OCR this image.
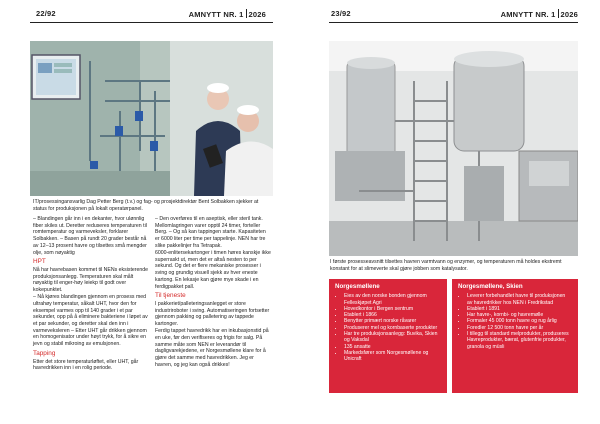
22/92	AMNYTT NR. 1 2026
IT/prosessingansvarlig Dag Petter Berg (t.v.) og fag- og prosjektdirektør Bent Solbakken sjekker at status for produksjonen på lokalt operatørpanel.

– Blandingen går inn i en dekanter, hvor ulønnlig fiber skiles ut. Deretter reduseres temperaturen til romtemperatur og varmeveksler, forklarer Solbakken. – Basen på rundt 20 grader består nå av 12–13 prosent havre og tilsettes små mengder olje, som nøyaktig

HPT

Nå har havrebasen kommet til NENs eksisterende produksjonsanlegg. Temperaturen skal målt nøyaktig til enger-høy leiekp til godt over kokepunktet.

– Nå kjøres blandingen gjennom en prosess med ultrahøy temperatur, såkalt UHT, hvor den for eksempel varmes opp til 140 grader i et par sekunder, opp på å eliminere bakteriene i løpet av et par sekunder, og deretter skal den inn i varmeveksleren – Etter UHT går drikken gjennom en homogenisator under høyt trykk, for å sikre en jevn og stabil mikroing av emulsjonen.

Tapping

Etter det store temperaturløftet, eller UHT, går havredrikken inn i en rolig periode.

– Den overføres til en aseptisk, eller steril tank. Mellomlagringen varer opptil 24 timer, forteller Berg. – Og så kan tappingen starte. Kapasiteten er 6000 liter per time per tappelinje. NEN har tre slike pakkelinjer fra Tetrapak.

6000-enlitersekartonger i timen høres kanskje ikke superraskt ut, men det er altså nesten to per sekund. Og det er flere mekaniske prosesser i sving og grundig visuell sjekk av hver eneste kartong. En lekasje kan gjøre mye skade i en ferdigpakket pall.

Til tjeneste

I pakkeriet/palleteringsanlegget er store industriroboter i sving. Automatiseringen fortsetter gjennom pakking og palletering av tappede kartonger.

Ferdig tappet havredrikk har en inkubasjonstid på en uke, før den verifiseres og frigis for salg. På samme måte som NEN er leverandør til dagligvarekjedene, er Norgesmøllene klare for å gjøre det samme med havredrikken. Jeg er havren, og jeg kan også drikkes!

23/92	AMNYTT NR. 1 2026
I første prosesseavsnitt tilsettes havren varmtvann og enzymer, og temperaturen må holdes ekstremt konstant for at slimeverte skal gjøre jobben som katalysator.
Norgesmøllene
• Eies av den norske bonden gjennom Felleskjøpet Agri
• Hovedkontor i Bergen sentrum
• Etablert i 1866
• Benytter primært norske råvarer
• Produserer mel og kornbaserte produkter
• Har tre produksjonsanlegg: Buvika, Skien og Vaksdal
• 135 ansatte
• Markedsfører som Norgesmøllene og Unicraft
Norgesmøllene, Skien
• Leverer forbehandlet havre til produksjonen av havredrikker hos NEN i Fredrikstad
• Etablert i 1891
• Har havre-, kornbi- og havremølle
• Formaler 45 000 tonn havre og rug årlig
• Foredler 12 500 tonn havre per år
• I tillegg til standard melprodukter, produseres Havreprodukter, bærat, glutenfrie produkter, granola og müsli
